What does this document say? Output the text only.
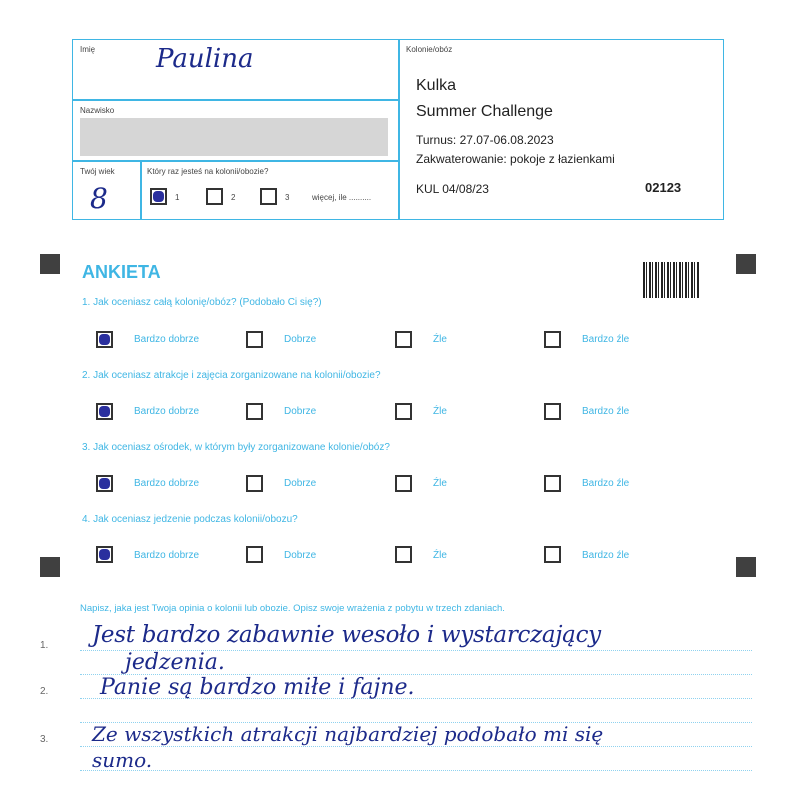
Imię Paulina
Nazwisko
Twój wiek
8
Który raz jesteś na kolonii/obozie?
1	2	3	więcej, ile ..........
Kolonie/obóz
Kulka
Summer Challenge
Turnus: 27.07-06.08.2023
Zakwaterowanie: pokoje z łazienkami
KUL 04/08/23	02123
ANKIETA
1. Jak oceniasz całą kolonię/obóz? (Podobało Ci się?)
Bardzo dobrze	Dobrze	Źle	Bardzo źle
2. Jak oceniasz atrakcje i zajęcia zorganizowane na kolonii/obozie?
Bardzo dobrze	Dobrze	Źle	Bardzo źle
3. Jak oceniasz ośrodek, w którym były zorganizowane kolonie/obóz?
Bardzo dobrze	Dobrze	Źle	Bardzo źle
4. Jak oceniasz jedzenie podczas kolonii/obozu?
Bardzo dobrze	Dobrze	Źle	Bardzo źle
Napisz, jaka jest Twoja opinia o kolonii lub obozie. Opisz swoje wrażenia z pobytu w trzech zdaniach.
1.
2.
3.
Jest bardzo zabawnie wesoło i wystarczający
jedzenia.
Panie są bardzo miłe i fajne.
Ze wszystkich atrakcji najbardziej podobało mi się
sumo.
